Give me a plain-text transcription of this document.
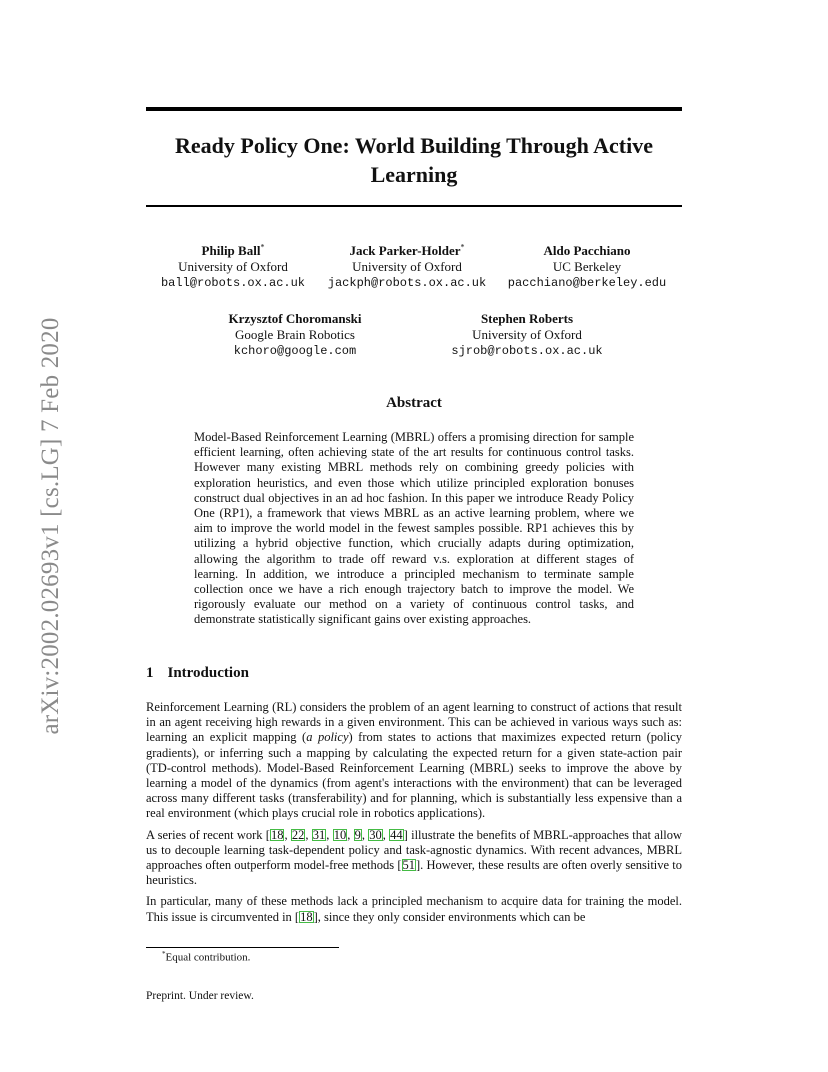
arXiv:2002.02693v1 [cs.LG] 7 Feb 2020
Ready Policy One: World Building Through Active Learning
Philip Ball*
University of Oxford
ball@robots.ox.ac.uk
Jack Parker-Holder*
University of Oxford
jackph@robots.ox.ac.uk
Aldo Pacchiano
UC Berkeley
pacchiano@berkeley.edu
Krzysztof Choromanski
Google Brain Robotics
kchoro@google.com
Stephen Roberts
University of Oxford
sjrob@robots.ox.ac.uk
Abstract

Model-Based Reinforcement Learning (MBRL) offers a promising direction for sample efficient learning, often achieving state of the art results for continuous control tasks. However many existing MBRL methods rely on combining greedy policies with exploration heuristics, and even those which utilize principled exploration bonuses construct dual objectives in an ad hoc fashion. In this paper we introduce Ready Policy One (RP1), a framework that views MBRL as an active learning problem, where we aim to improve the world model in the fewest samples possible. RP1 achieves this by utilizing a hybrid objective function, which crucially adapts during optimization, allowing the algorithm to trade off reward v.s. exploration at different stages of learning. In addition, we introduce a principled mechanism to terminate sample collection once we have a rich enough trajectory batch to improve the model. We rigorously evaluate our method on a variety of continuous control tasks, and demonstrate statistically significant gains over existing approaches.

1 Introduction

Reinforcement Learning (RL) considers the problem of an agent learning to construct of actions that result in an agent receiving high rewards in a given environment. This can be achieved in various ways such as: learning an explicit mapping (a policy) from states to actions that maximizes expected return (policy gradients), or inferring such a mapping by calculating the expected return for a given state-action pair (TD-control methods). Model-Based Reinforcement Learning (MBRL) seeks to improve the above by learning a model of the dynamics (from agent's interactions with the environment) that can be leveraged across many different tasks (transferability) and for planning, which is substantially less expensive than a real environment (which plays crucial role in robotics applications).

A series of recent work [18, 22, 31, 10, 9, 30, 44] illustrate the benefits of MBRL-approaches that allow us to decouple learning task-dependent policy and task-agnostic dynamics. With recent advances, MBRL approaches often outperform model-free methods [51]. However, these results are often overly sensitive to heuristics.

In particular, many of these methods lack a principled mechanism to acquire data for training the model. This issue is circumvented in [18], since they only consider environments which can be

*Equal contribution.
Preprint. Under review.
